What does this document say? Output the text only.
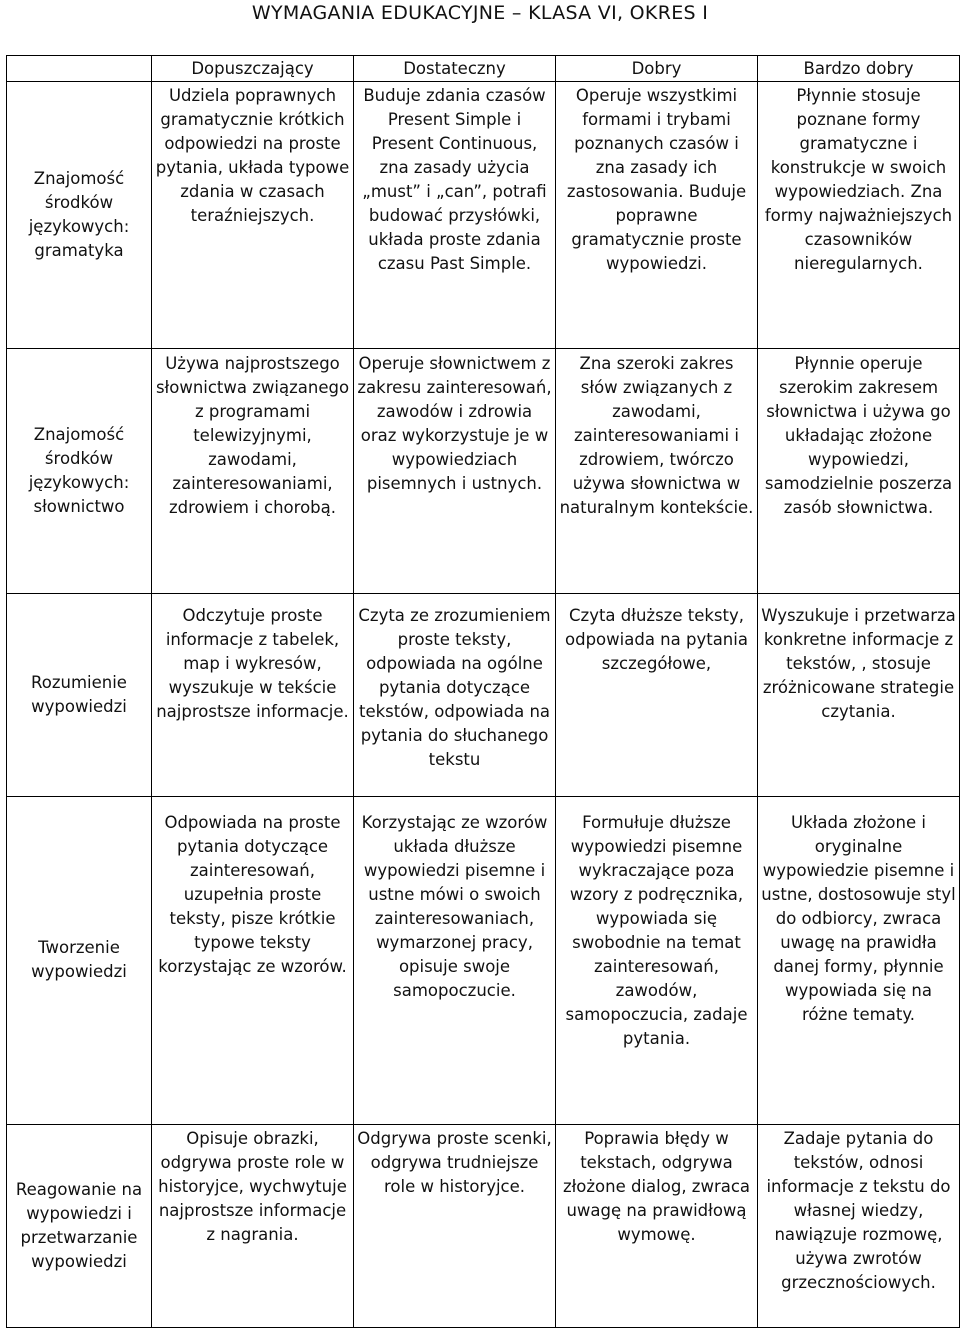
WYMAGANIA EDUKACYJNE – KLASA VI, OKRES I
	Dopuszczający	Dostateczny	Dobry	Bardzo dobry
Znajomość środków językowych: gramatyka	Udziela poprawnych gramatycznie krótkich odpowiedzi na proste pytania, układa typowe zdania w czasach teraźniejszych.	Buduje zdania czasów Present Simple i Present Continuous, zna zasady użycia „must” i „can”, potrafi budować przysłówki, układa proste zdania czasu Past Simple.	Operuje wszystkimi formami i trybami poznanych czasów i zna zasady ich zastosowania. Buduje poprawne gramatycznie proste wypowiedzi.	Płynnie stosuje poznane formy gramatyczne i konstrukcje w swoich wypowiedziach. Zna formy najważniejszych czasowników nieregularnych.

Znajomość środków językowych: słownictwo	Używa najprostszego słownictwa związanego z programami telewizyjnymi, zawodami, zainteresowaniami, zdrowiem i chorobą.	Operuje słownictwem z zakresu zainteresowań, zawodów i zdrowia oraz wykorzystuje je w wypowiedziach pisemnych i ustnych.	Zna szeroki zakres słów związanych z zawodami, zainteresowaniami i zdrowiem, twórczo używa słownictwa w naturalnym kontekście.	Płynnie operuje szerokim zakresem słownictwa i używa go układając złożone wypowiedzi, samodzielnie poszerza zasób słownictwa.

Rozumienie wypowiedzi	Odczytuje proste informacje z tabelek, map i wykresów, wyszukuje w tekście najprostsze informacje.	Czyta ze zrozumieniem proste teksty, odpowiada na ogólne pytania dotyczące tekstów, odpowiada na pytania do słuchanego tekstu	Czyta dłuższe teksty, odpowiada na pytania szczegółowe,	Wyszukuje i przetwarza konkretne informacje z tekstów, , stosuje zróżnicowane strategie czytania.

Tworzenie wypowiedzi	Odpowiada na proste pytania dotyczące zainteresowań, uzupełnia proste teksty, pisze krótkie typowe teksty korzystając ze wzorów.	Korzystając ze wzorów układa dłuższe wypowiedzi pisemne i ustne mówi o swoich zainteresowaniach, wymarzonej pracy, opisuje swoje samopoczucie.	Formułuje dłuższe wypowiedzi pisemne wykraczające poza wzory z podręcznika, wypowiada się swobodnie na temat zainteresowań, zawodów, samopoczucia, zadaje pytania.	Układa złożone i oryginalne wypowiedzie pisemne i ustne, dostosowuje styl do odbiorcy, zwraca uwagę na prawidła danej formy, płynnie wypowiada się na różne tematy.

Reagowanie na wypowiedzi i przetwarzanie wypowiedzi	Opisuje obrazki, odgrywa proste role w historyjce, wychwytuje najprostsze informacje z nagrania.	Odgrywa proste scenki, odgrywa trudniejsze role w historyjce.	Poprawia błędy w tekstach, odgrywa złożone dialog, zwraca uwagę na prawidłową wymowę.	Zadaje pytania do tekstów, odnosi informacje z tekstu do własnej wiedzy, nawiązuje rozmowę, używa zwrotów grzecznościowych.
